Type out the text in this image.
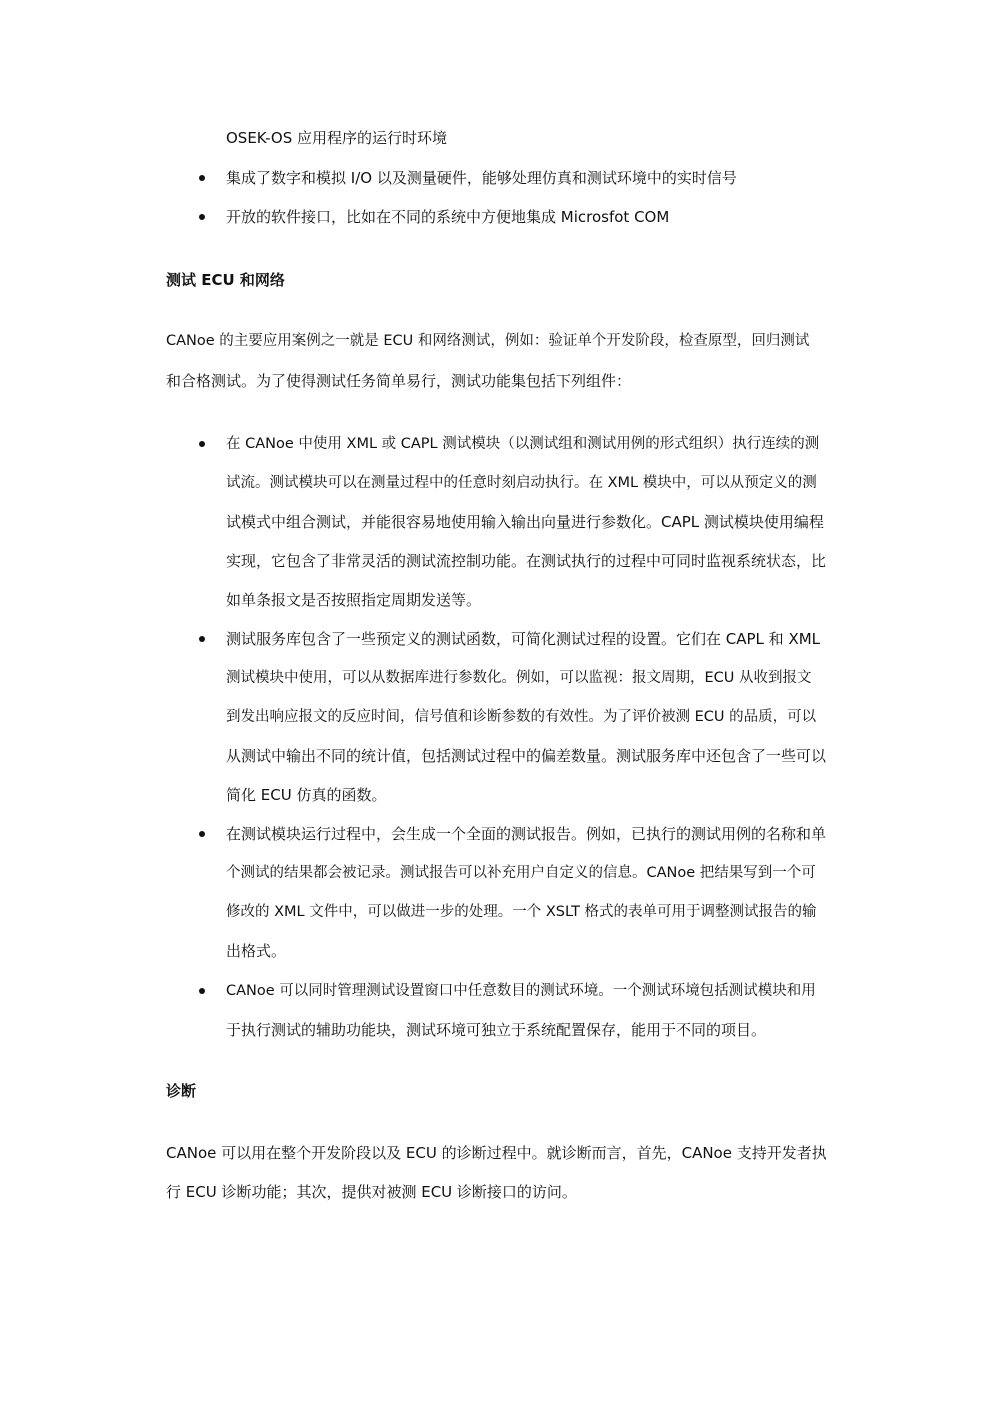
OSEK-OS 应用程序的运行时环境

集成了数字和模拟 I/O 以及测量硬件，能够处理仿真和测试环境中的实时信号

开放的软件接口，比如在不同的系统中方便地集成 Microsfot COM

测试 ECU 和网络

CANoe 的主要应用案例之一就是 ECU 和网络测试，例如：验证单个开发阶段，检查原型，回归测试

和合格测试。为了使得测试任务简单易行，测试功能集包括下列组件：

在 CANoe 中使用 XML 或 CAPL 测试模块（以测试组和测试用例的形式组织）执行连续的测

试流。测试模块可以在测量过程中的任意时刻启动执行。在 XML 模块中，可以从预定义的测

试模式中组合测试，并能很容易地使用输入输出向量进行参数化。CAPL 测试模块使用编程

实现，它包含了非常灵活的测试流控制功能。在测试执行的过程中可同时监视系统状态，比

如单条报文是否按照指定周期发送等。

测试服务库包含了一些预定义的测试函数，可简化测试过程的设置。它们在 CAPL 和 XML

测试模块中使用，可以从数据库进行参数化。例如，可以监视：报文周期，ECU 从收到报文

到发出响应报文的反应时间，信号值和诊断参数的有效性。为了评价被测 ECU 的品质，可以

从测试中输出不同的统计值，包括测试过程中的偏差数量。测试服务库中还包含了一些可以

简化 ECU 仿真的函数。

在测试模块运行过程中，会生成一个全面的测试报告。例如，已执行的测试用例的名称和单

个测试的结果都会被记录。测试报告可以补充用户自定义的信息。CANoe 把结果写到一个可

修改的 XML 文件中，可以做进一步的处理。一个 XSLT 格式的表单可用于调整测试报告的输

出格式。

CANoe 可以同时管理测试设置窗口中任意数目的测试环境。一个测试环境包括测试模块和用

于执行测试的辅助功能块，测试环境可独立于系统配置保存，能用于不同的项目。

诊断

CANoe 可以用在整个开发阶段以及 ECU 的诊断过程中。就诊断而言，首先，CANoe 支持开发者执

行 ECU 诊断功能；其次，提供对被测 ECU 诊断接口的访问。
